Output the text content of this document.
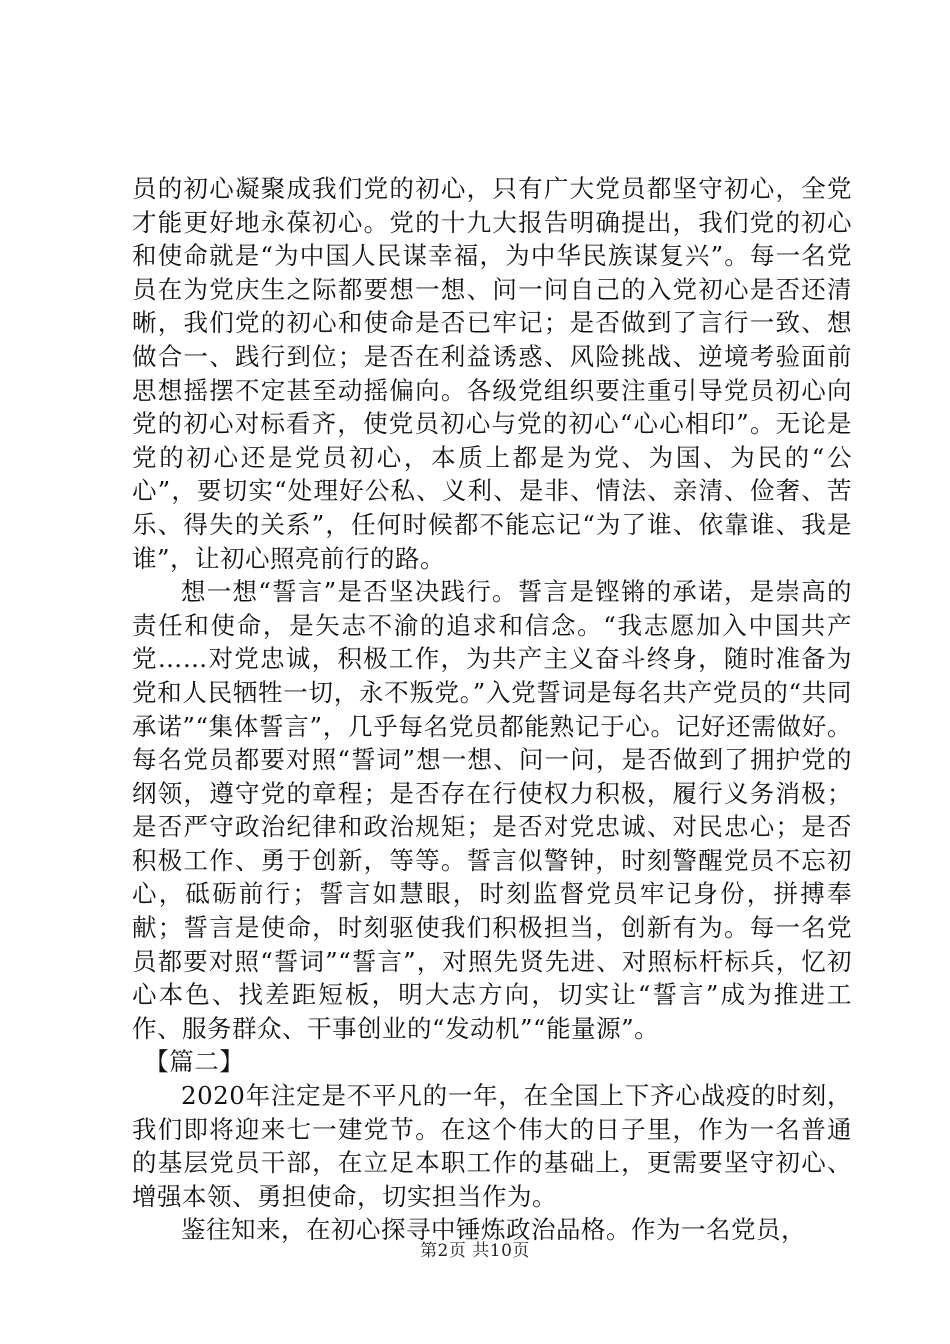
员的初心凝聚成我们党的初心，只有广大党员都坚守初心，全党才能更好地永葆初心。党的十九大报告明确提出，我们党的初心和使命就是“为中国人民谋幸福，为中华民族谋复兴”。每一名党员在为党庆生之际都要想一想、问一问自己的入党初心是否还清晰，我们党的初心和使命是否已牢记；是否做到了言行一致、想做合一、践行到位；是否在利益诱惑、风险挑战、逆境考验面前思想摇摆不定甚至动摇偏向。各级党组织要注重引导党员初心向党的初心对标看齐，使党员初心与党的初心“心心相印”。无论是党的初心还是党员初心，本质上都是为党、为国、为民的“公心”，要切实“处理好公私、义利、是非、情法、亲清、俭奢、苦乐、得失的关系”，任何时候都不能忘记“为了谁、依靠谁、我是谁”，让初心照亮前行的路。

想一想“誓言”是否坚决践行。誓言是铿锵的承诺，是崇高的责任和使命，是矢志不渝的追求和信念。“我志愿加入中国共产党……对党忠诚，积极工作，为共产主义奋斗终身，随时准备为党和人民牺牲一切，永不叛党。”入党誓词是每名共产党员的“共同承诺”“集体誓言”，几乎每名党员都能熟记于心。记好还需做好。每名党员都要对照“誓词”想一想、问一问，是否做到了拥护党的纲领，遵守党的章程；是否存在行使权力积极，履行义务消极；是否严守政治纪律和政治规矩；是否对党忠诚、对民忠心；是否积极工作、勇于创新，等等。誓言似警钟，时刻警醒党员不忘初心，砥砺前行；誓言如慧眼，时刻监督党员牢记身份，拼搏奉献；誓言是使命，时刻驱使我们积极担当，创新有为。每一名党员都要对照“誓词”“誓言”，对照先贤先进、对照标杆标兵，忆初心本色、找差距短板，明大志方向，切实让“誓言”成为推进工作、服务群众、干事创业的“发动机”“能量源”。

【篇二】

2020年注定是不平凡的一年，在全国上下齐心战疫的时刻，我们即将迎来七一建党节。在这个伟大的日子里，作为一名普通的基层党员干部，在立足本职工作的基础上，更需要坚守初心、增强本领、勇担使命，切实担当作为。

鉴往知来，在初心探寻中锤炼政治品格。作为一名党员，

第2页 共10页
